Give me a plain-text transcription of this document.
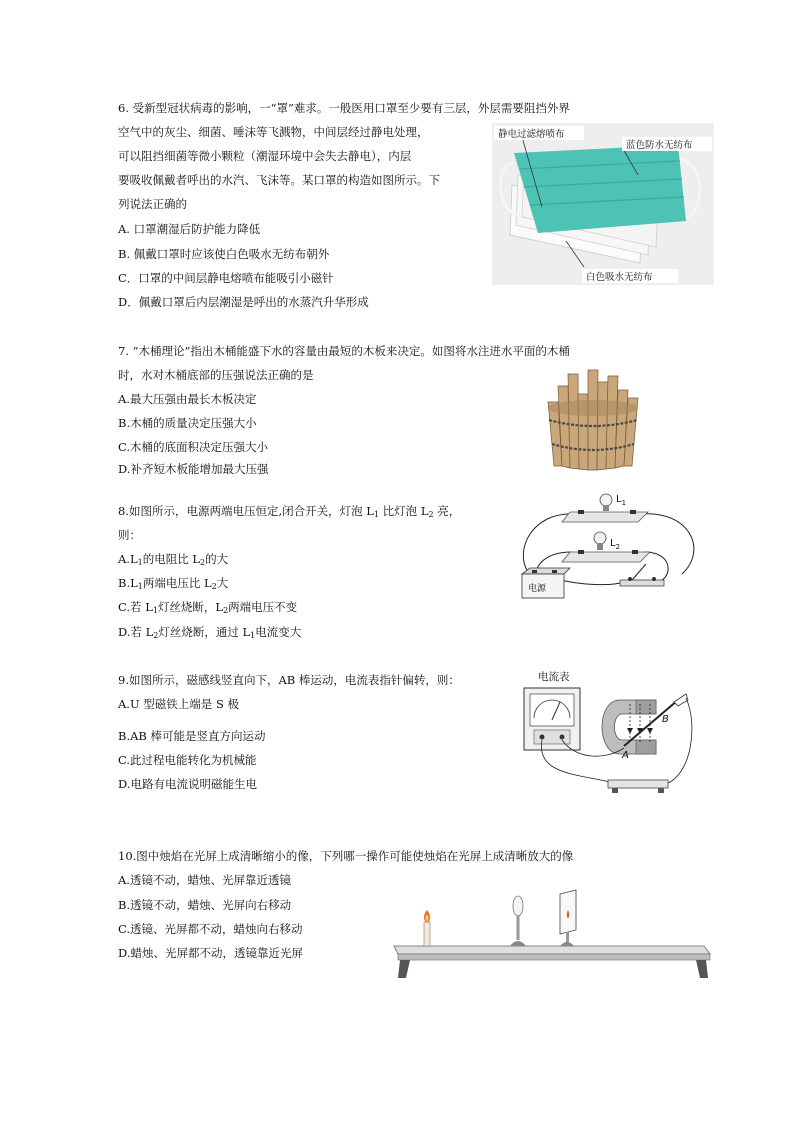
6. 受新型冠状病毒的影响，一“罩”难求。一般医用口罩至少要有三层，外层需要阻挡外界
空气中的灰尘、细菌、唾沫等飞溅物，中间层经过静电处理，
可以阻挡细菌等微小颗粒（潮湿环境中会失去静电），内层
要吸收佩戴者呼出的水汽、飞沫等。某口罩的构造如图所示。下
列说法正确的
A. 口罩潮湿后防护能力降低
B. 佩戴口罩时应该使白色吸水无纺布朝外
C．口罩的中间层静电熔喷布能吸引小磁针
D．佩戴口罩后内层潮湿是呼出的水蒸汽升华形成
静电过滤熔喷布
蓝色防水无纺布
白色吸水无纺布
7. “木桶理论”指出木桶能盛下水的容量由最短的木板来决定。如图将水注进水平面的木桶
时，水对木桶底部的压强说法正确的是
A.最大压强由最长木板决定
B.木桶的质量决定压强大小
C.木桶的底面积决定压强大小
D.补齐短木板能增加最大压强
8.如图所示，电源两端电压恒定,闭合开关，灯泡 $L_1$ 比灯泡 $L_2$ 亮，
则：
$A.L_1$的电阻比 $L_2$的大
$B.L_1$两端电压比 $L_2$大
C.若 $L_1$灯丝烧断，$L_2$两端电压不变
D.若 $L_2$灯丝烧断，通过 $L_1$电流变大
$L_1$
$L_2$
电源
9.如图所示，磁感线竖直向下，AB 棒运动，电流表指针偏转，则：
A.U 型磁铁上端是 S 极
B.AB 棒可能是竖直方向运动
C.此过程电能转化为机械能
D.电路有电流说明磁能生电
电流表
A
B
10.图中烛焰在光屏上成清晰缩小的像，下列哪一操作可能使烛焰在光屏上成清晰放大的像
A.透镜不动，蜡烛、光屏靠近透镜
B.透镜不动，蜡烛、光屏向右移动
C.透镜、光屏都不动，蜡烛向右移动
D.蜡烛、光屏都不动，透镜靠近光屏
